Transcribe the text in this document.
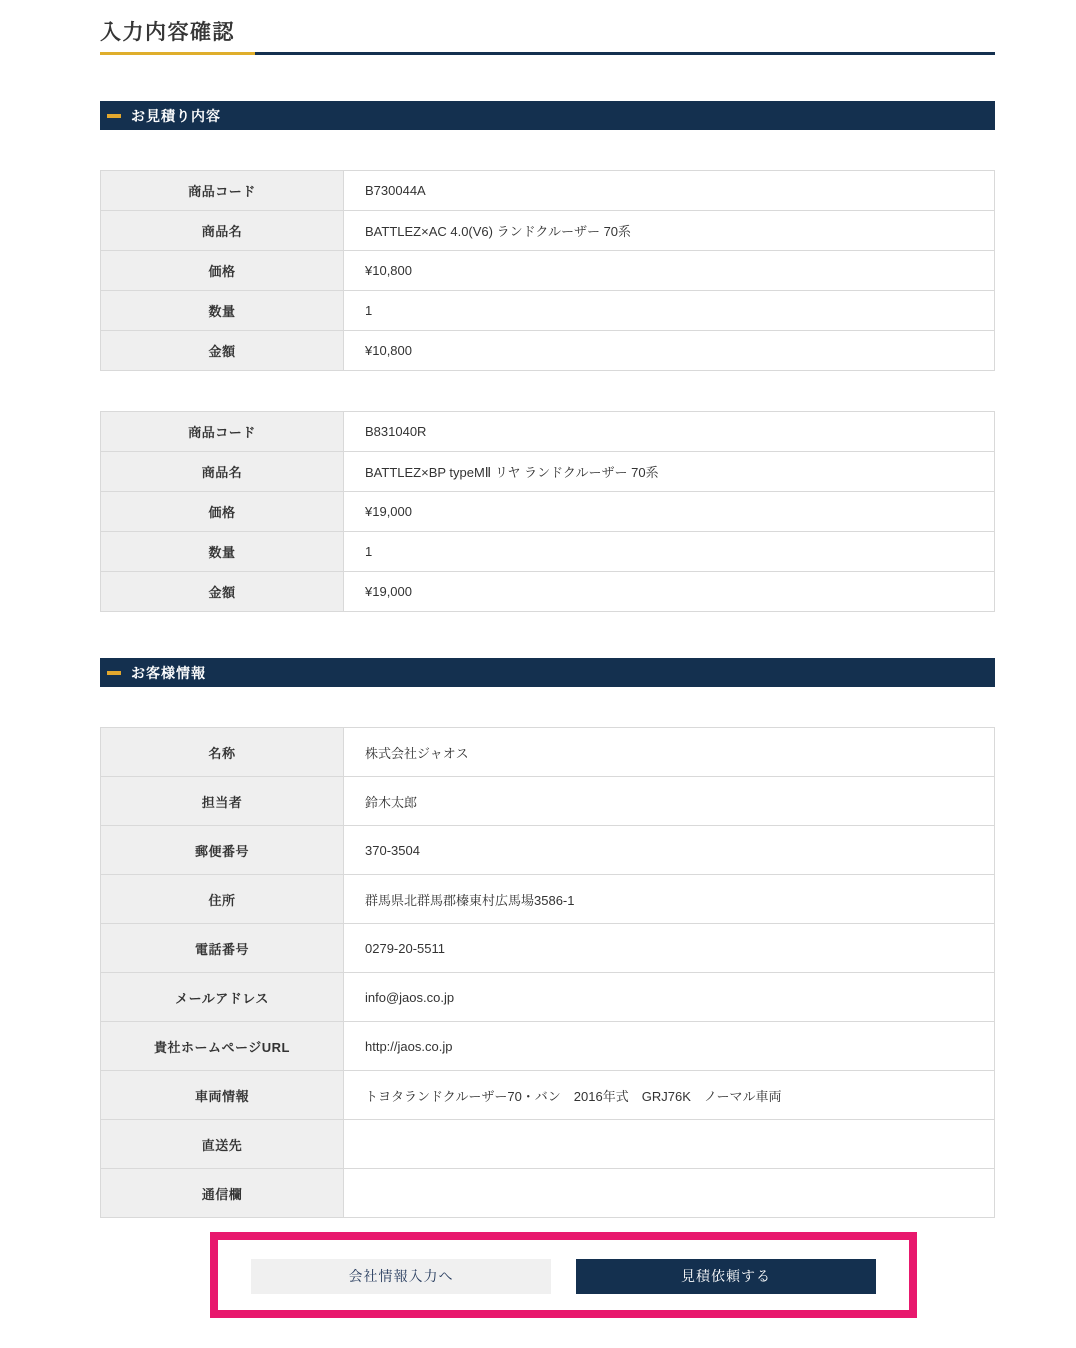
入力内容確認
お見積り内容
商品コード	B730044A
商品名	BATTLEZ×AC 4.0(V6) ランドクルーザー 70系
価格	¥10,800
数量	1
金額	¥10,800
商品コード	B831040R
商品名	BATTLEZ×BP typeMⅡ リヤ ランドクルーザー 70系
価格	¥19,000
数量	1
金額	¥19,000
お客様情報
名称	株式会社ジャオス
担当者	鈴木太郎
郵便番号	370-3504
住所	群馬県北群馬郡榛東村広馬場3586-1
電話番号	0279-20-5511
メールアドレス	info@jaos.co.jp
貴社ホームページURL	http://jaos.co.jp
車両情報	トヨタランドクルーザー70・バン　2016年式　GRJ76K　ノーマル車両
直送先	
通信欄	
会社情報入力へ	見積依頼する
